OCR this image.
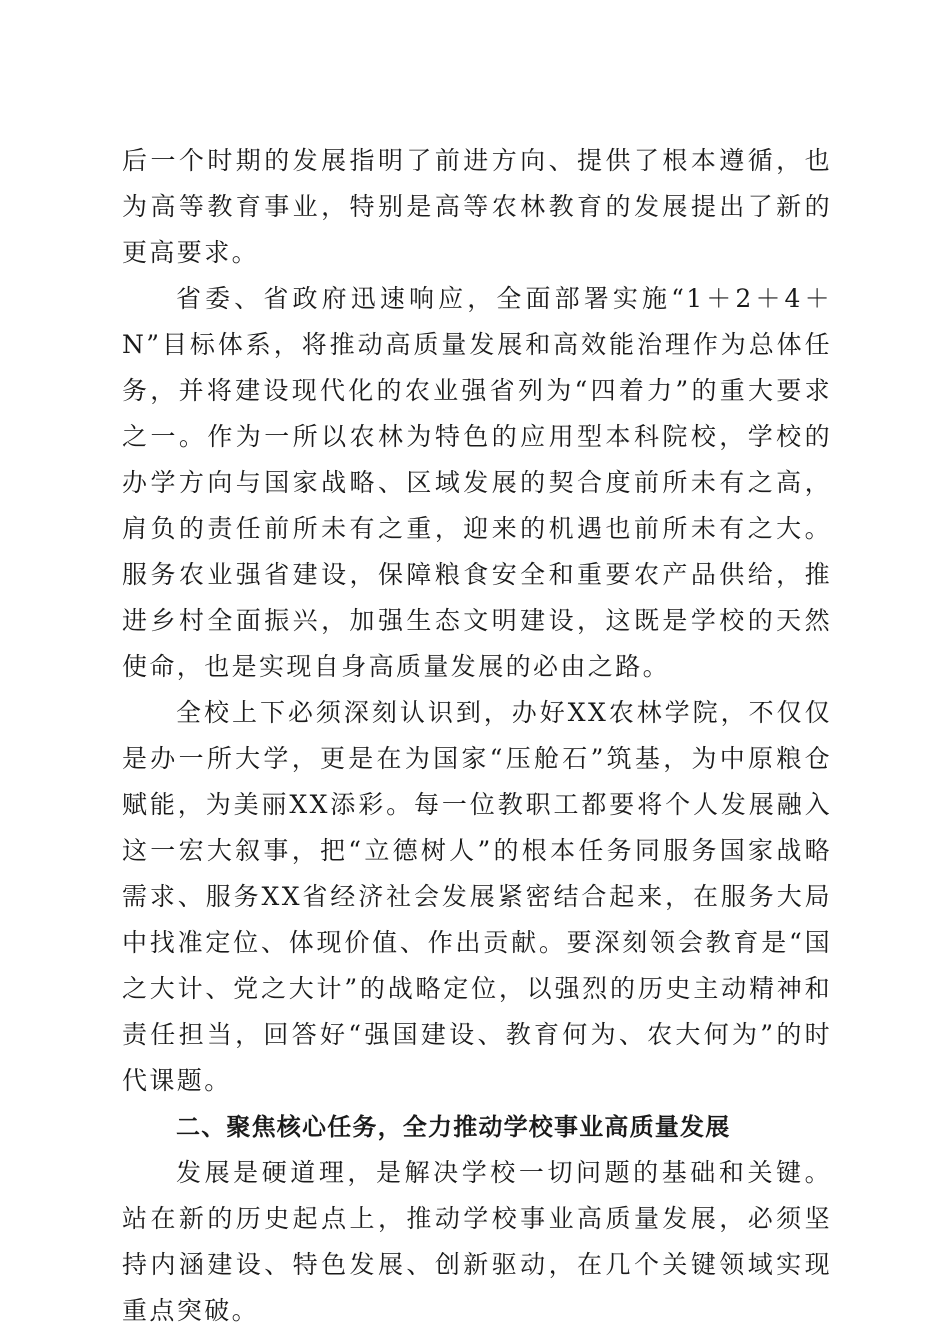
后一个时期的发展指明了前进方向、提供了根本遵循，也为高等教育事业，特别是高等农林教育的发展提出了新的更高要求。

省委、省政府迅速响应，全面部署实施“1＋2＋4＋N”目标体系，将推动高质量发展和高效能治理作为总体任务，并将建设现代化的农业强省列为“四着力”的重大要求之一。作为一所以农林为特色的应用型本科院校，学校的办学方向与国家战略、区域发展的契合度前所未有之高，肩负的责任前所未有之重，迎来的机遇也前所未有之大。服务农业强省建设，保障粮食安全和重要农产品供给，推进乡村全面振兴，加强生态文明建设，这既是学校的天然使命，也是实现自身高质量发展的必由之路。

全校上下必须深刻认识到，办好XX农林学院，不仅仅是办一所大学，更是在为国家“压舱石”筑基，为中原粮仓赋能，为美丽XX添彩。每一位教职工都要将个人发展融入这一宏大叙事，把“立德树人”的根本任务同服务国家战略需求、服务XX省经济社会发展紧密结合起来，在服务大局中找准定位、体现价值、作出贡献。要深刻领会教育是“国之大计、党之大计”的战略定位，以强烈的历史主动精神和责任担当，回答好“强国建设、教育何为、农大何为”的时代课题。

二、聚焦核心任务，全力推动学校事业高质量发展

发展是硬道理，是解决学校一切问题的基础和关键。站在新的历史起点上，推动学校事业高质量发展，必须坚持内涵建设、特色发展、创新驱动，在几个关键领域实现重点突破。
